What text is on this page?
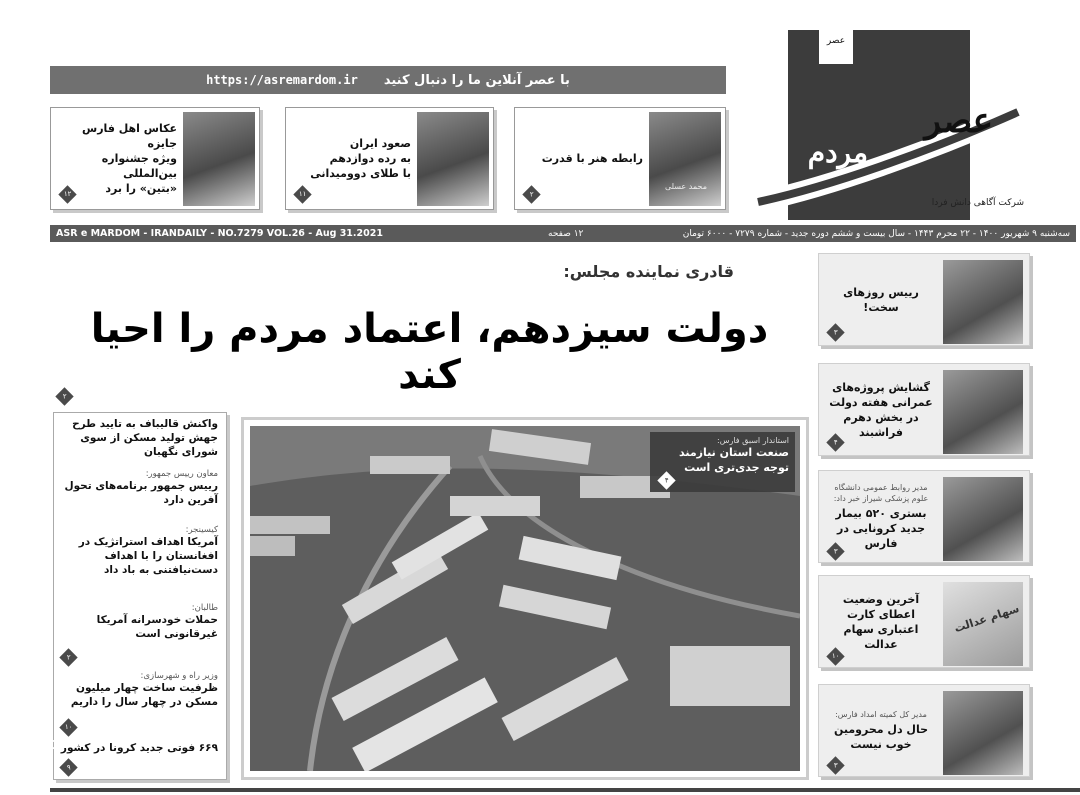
عصر
عصر
مردم
شرکت آگاهی دانش فردا
با عصر آنلاین ما را دنبال کنید
https://asremardom.ir
رابطه هنر با قدرت
محمد عسلی
۲
صعود ایران
به رده دوازدهم
با طلای دوومیدانی
۱۱
عکاس اهل فارس جایزه
ویژه جشنواره بین‌المللی
«بتین» را برد
۱۲
ASR e MARDOM - IRANDAILY - NO.7279 VOL.26 - Aug 31.2021	۱۲ صفحه	سه‌شنبه ۹ شهریور ۱۴۰۰ - ۲۲ محرم ۱۴۴۳ - سال بیست و ششم دوره جدید - شماره ۷۲۷۹ - ۶۰۰۰ تومان
قادری نماینده مجلس:
دولت سیزدهم، اعتماد مردم را احیا کند
۲
واکنش قالیباف به تایید طرح جهش تولید مسکن از سوی شورای نگهبان
معاون رییس جمهور:
رییس جمهور برنامه‌های تحول آفرین دارد
کیسینجر:
آمریکا اهداف استراتژیک در افغانستان را با اهداف دست‌نیافتنی به باد داد
طالبان:
حملات خودسرانه آمریکا غیرقانونی است
۲
وزیر راه و شهرسازی:
ظرفیت ساخت چهار میلیون مسکن در چهار سال را داریم
۱۰
۶۶۹ فوتی جدید کرونا در کشور
۹
استاندار اسبق فارس:
صنعت استان نیازمند توجه جدی‌تری است
۴
رییس روزهای سخت!
۳
گشایش پروژه‌های عمرانی هفته دولت در بخش دهرم فراشبند
۴
مدیر روابط عمومی دانشگاه علوم پزشکی شیراز خبر داد:
بستری ۵۲۰ بیمار جدید کرونایی در فارس
۳
سهام عدالت
آخرین وضعیت اعطای کارت اعتباری سهام عدالت
۱۰
مدیر کل کمیته امداد فارس:
حال دل محرومین خوب نیست
۳
YJC
